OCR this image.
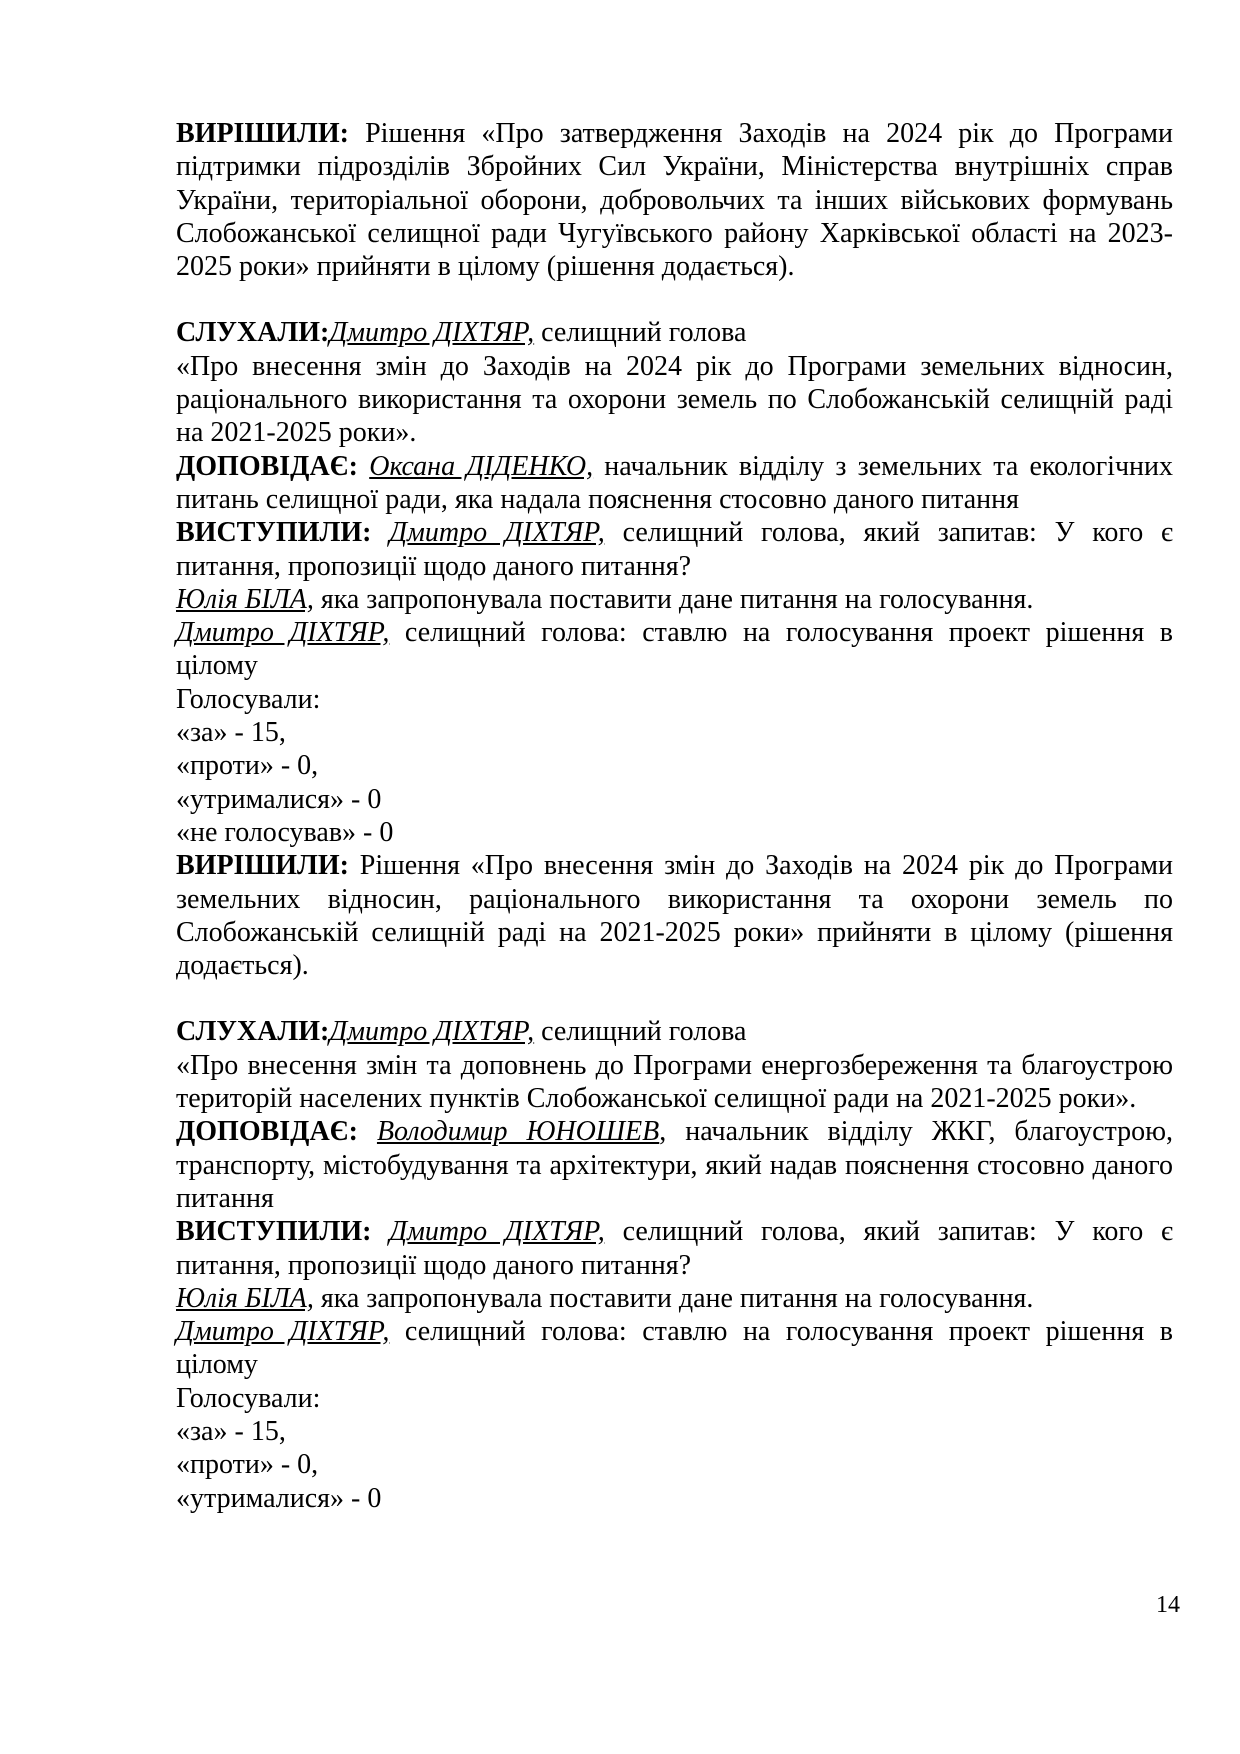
ВИРІШИЛИ: Рішення «Про затвердження Заходів на 2024 рік до Програми підтримки підрозділів Збройних Сил України, Міністерства внутрішніх справ України, територіальної оборони, добровольчих та інших військових формувань Слобожанської селищної ради Чугуївського району Харківської області на 2023-2025 роки» прийняти в цілому (рішення додається).

СЛУХАЛИ:Дмитро ДІХТЯР, селищний голова

«Про внесення змін до Заходів на 2024 рік до Програми земельних відносин, раціонального використання та охорони земель по Слобожанській селищній раді на 2021-2025 роки».

ДОПОВІДАЄ: Оксана ДІДЕНКО, начальник відділу з земельних та екологічних питань селищної ради, яка надала пояснення стосовно даного питання

ВИСТУПИЛИ: Дмитро ДІХТЯР, селищний голова, який запитав: У кого є питання, пропозиції щодо даного питання?

Юлія БІЛА, яка запропонувала поставити дане питання на голосування.

Дмитро ДІХТЯР, селищний голова: ставлю на голосування проект рішення в цілому

Голосували:

«за» - 15,

«проти» - 0,

«утрималися» - 0

«не голосував» - 0

ВИРІШИЛИ: Рішення «Про внесення змін до Заходів на 2024 рік до Програми земельних відносин, раціонального використання та охорони земель по Слобожанській селищній раді на 2021-2025 роки» прийняти в цілому (рішення додається).

СЛУХАЛИ:Дмитро ДІХТЯР, селищний голова

«Про внесення змін та доповнень до Програми енергозбереження та благоустрою територій населених пунктів Слобожанської селищної ради на 2021-2025 роки».

ДОПОВІДАЄ: Володимир ЮНОШЕВ, начальник відділу ЖКГ, благоустрою, транспорту, містобудування та архітектури, який надав пояснення стосовно даного питання

ВИСТУПИЛИ: Дмитро ДІХТЯР, селищний голова, який запитав: У кого є питання, пропозиції щодо даного питання?

Юлія БІЛА, яка запропонувала поставити дане питання на голосування.

Дмитро ДІХТЯР, селищний голова: ставлю на голосування проект рішення в цілому

Голосували:

«за» - 15,

«проти» - 0,

«утрималися» - 0

14
